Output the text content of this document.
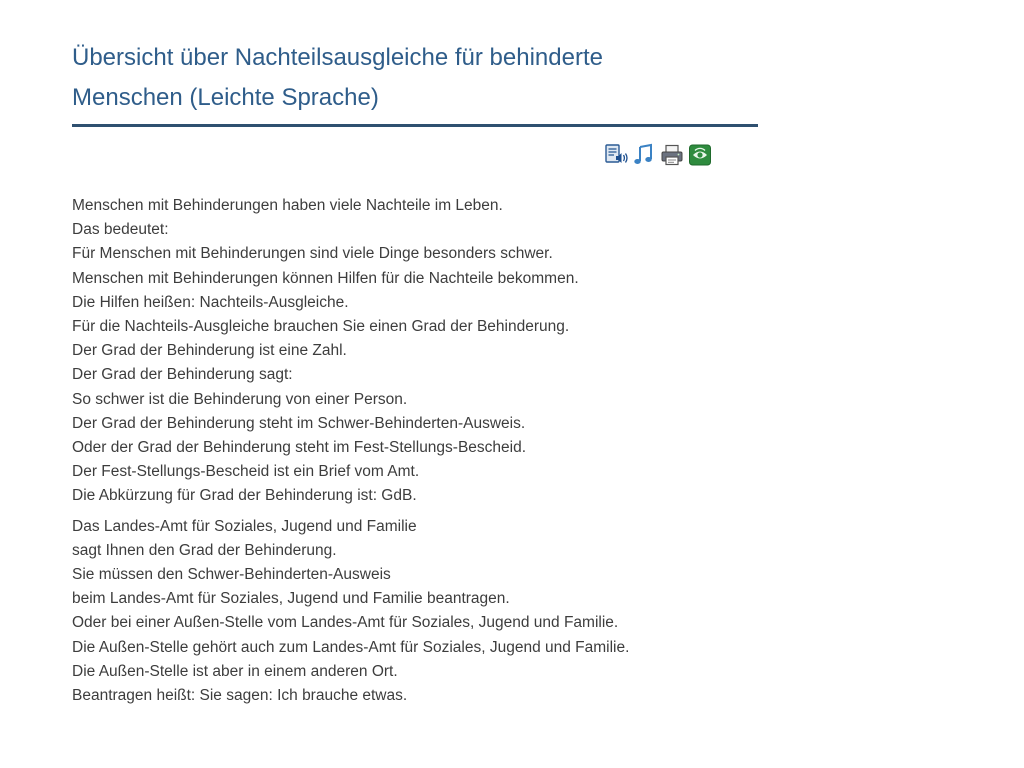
Übersicht über Nachteilsausgleiche für behinderte
Menschen (Leichte Sprache)

Menschen mit Behinderungen haben viele Nachteile im Leben.
Das bedeutet:
Für Menschen mit Behinderungen sind viele Dinge besonders schwer.
Menschen mit Behinderungen können Hilfen für die Nachteile bekommen.
Die Hilfen heißen: Nachteils-Ausgleiche.
Für die Nachteils-Ausgleiche brauchen Sie einen Grad der Behinderung.
Der Grad der Behinderung ist eine Zahl.
Der Grad der Behinderung sagt:
So schwer ist die Behinderung von einer Person.
Der Grad der Behinderung steht im Schwer-Behinderten-Ausweis.
Oder der Grad der Behinderung steht im Fest-Stellungs-Bescheid.
Der Fest-Stellungs-Bescheid ist ein Brief vom Amt.
Die Abkürzung für Grad der Behinderung ist: GdB.

Das Landes-Amt für Soziales, Jugend und Familie
sagt Ihnen den Grad der Behinderung.
Sie müssen den Schwer-Behinderten-Ausweis
beim Landes-Amt für Soziales, Jugend und Familie beantragen.
Oder bei einer Außen-Stelle vom Landes-Amt für Soziales, Jugend und Familie.
Die Außen-Stelle gehört auch zum Landes-Amt für Soziales, Jugend und Familie.
Die Außen-Stelle ist aber in einem anderen Ort.
Beantragen heißt: Sie sagen: Ich brauche etwas.
